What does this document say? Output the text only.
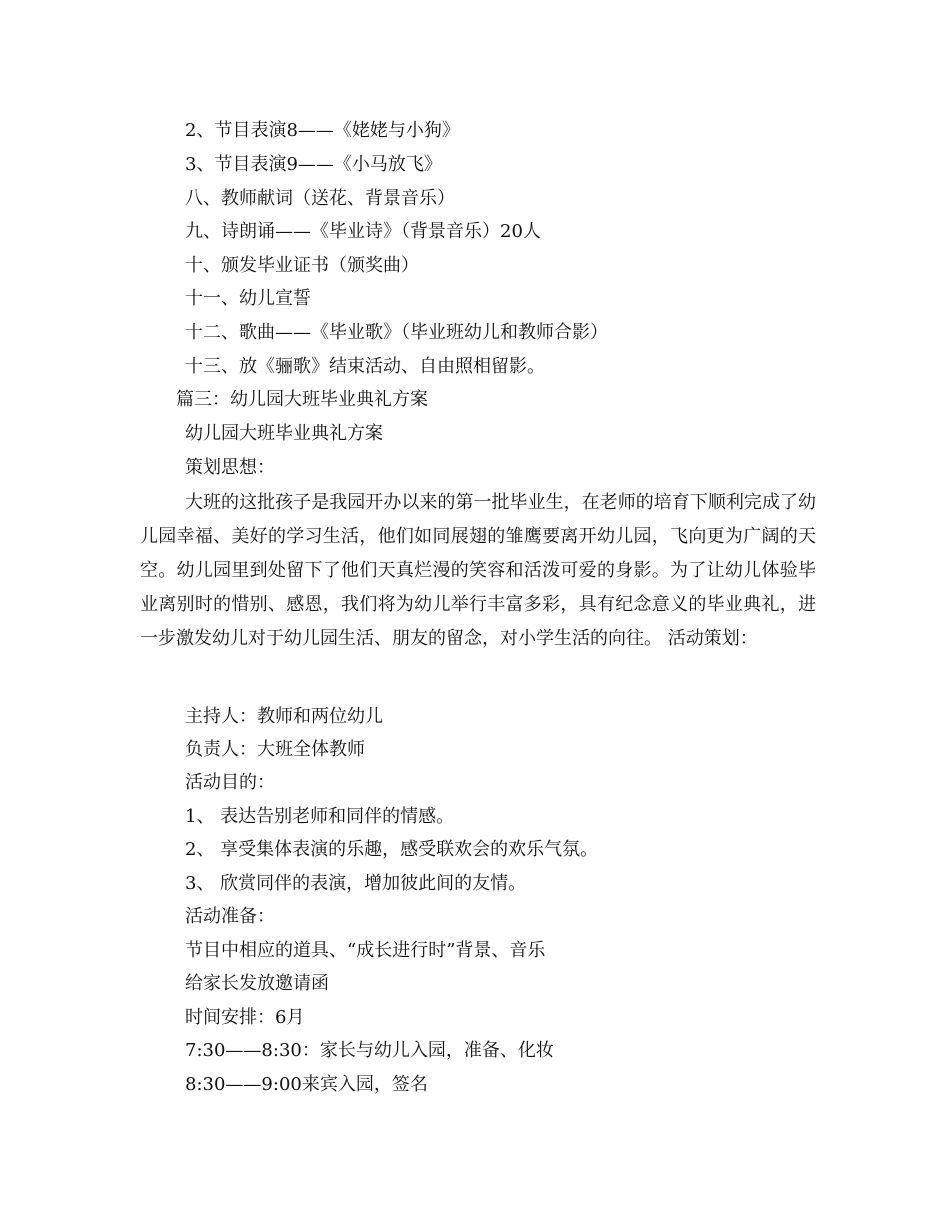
2、节目表演8——《姥姥与小狗》
3、节目表演9——《小马放飞》
八、教师献词（送花、背景音乐）
九、诗朗诵——《毕业诗》（背景音乐）20人
十、颁发毕业证书（颁奖曲）
十一、幼儿宣誓
十二、歌曲——《毕业歌》（毕业班幼儿和教师合影）
十三、放《骊歌》结束活动、自由照相留影。
篇三：幼儿园大班毕业典礼方案
幼儿园大班毕业典礼方案
策划思想：
大班的这批孩子是我园开办以来的第一批毕业生，在老师的培育下顺利完成了幼儿园幸福、美好的学习生活，他们如同展翅的雏鹰要离开幼儿园，飞向更为广阔的天空。幼儿园里到处留下了他们天真烂漫的笑容和活泼可爱的身影。为了让幼儿体验毕业离别时的惜别、感恩，我们将为幼儿举行丰富多彩，具有纪念意义的毕业典礼，进一步激发幼儿对于幼儿园生活、朋友的留念，对小学生活的向往。 活动策划：
主持人：教师和两位幼儿
负责人：大班全体教师
活动目的：
1、 表达告别老师和同伴的情感。
2、 享受集体表演的乐趣，感受联欢会的欢乐气氛。
3、 欣赏同伴的表演，增加彼此间的友情。
活动准备：
节目中相应的道具、“成长进行时”背景、音乐
给家长发放邀请函
时间安排：6月
7:30——8:30：家长与幼儿入园，准备、化妆
8:30——9:00来宾入园，签名
